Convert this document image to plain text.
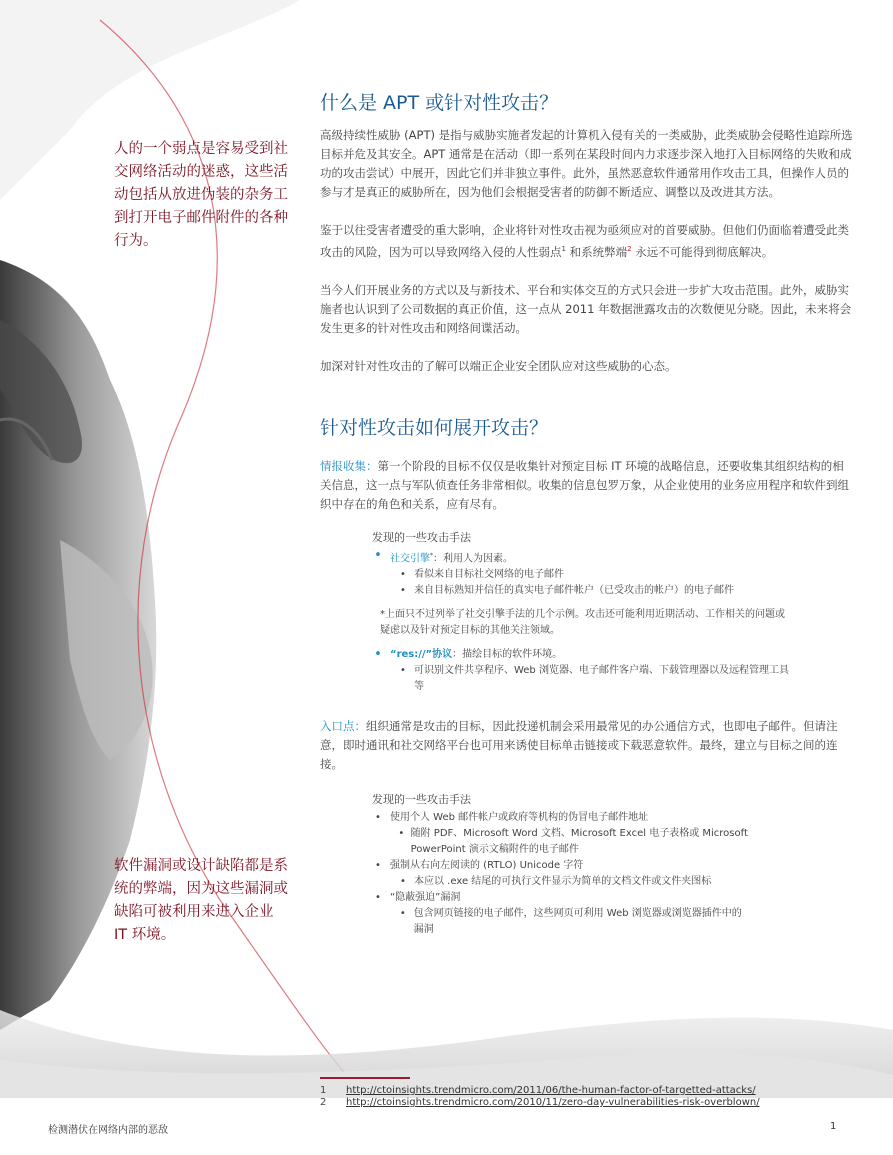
人的一个弱点是容易受到社交网络活动的迷惑，这些活动包括从放进伪装的杂务工到打开电子邮件附件的各种行为。
软件漏洞或设计缺陷都是系统的弊端，因为这些漏洞或缺陷可被利用来进入企业 IT 环境。
什么是 APT 或针对性攻击？

高级持续性威胁 (APT) 是指与威胁实施者发起的计算机入侵有关的一类威胁，此类威胁会侵略性追踪所选目标并危及其安全。APT 通常是在活动（即一系列在某段时间内力求逐步深入地打入目标网络的失败和成功的攻击尝试）中展开，因此它们并非独立事件。此外，虽然恶意软件通常用作攻击工具，但操作人员的参与才是真正的威胁所在，因为他们会根据受害者的防御不断适应、调整以及改进其方法。

鉴于以往受害者遭受的重大影响，企业将针对性攻击视为亟须应对的首要威胁。但他们仍面临着遭受此类攻击的风险，因为可以导致网络入侵的人性弱点$^1$ 和系统弊端$^2$ 永远不可能得到彻底解决。

当今人们开展业务的方式以及与新技术、平台和实体交互的方式只会进一步扩大攻击范围。此外，威胁实施者也认识到了公司数据的真正价值，这一点从 2011 年数据泄露攻击的次数便见分晓。因此，未来将会发生更多的针对性攻击和网络间谍活动。

加深对针对性攻击的了解可以端正企业安全团队应对这些威胁的心态。

针对性攻击如何展开攻击？

情报收集：第一个阶段的目标不仅仅是收集针对预定目标 IT 环境的战略信息，还要收集其组织结构的相关信息，这一点与军队侦查任务非常相似。收集的信息包罗万象，从企业使用的业务应用程序和软件到组织中存在的角色和关系，应有尽有。

发现的一些攻击手法
• 社交引擎*：利用人为因素。
• 看似来自目标社交网络的电子邮件
• 来自目标熟知并信任的真实电子邮件帐户（已受攻击的帐户）的电子邮件
*上面只不过列举了社交引擎手法的几个示例。攻击还可能利用近期活动、工作相关的问题或疑虑以及针对预定目标的其他关注领域。
• “res://”协议：描绘目标的软件环境。
• 可识别文件共享程序、Web 浏览器、电子邮件客户端、下载管理器以及远程管理工具等

入口点：组织通常是攻击的目标，因此投递机制会采用最常见的办公通信方式，也即电子邮件。但请注意，即时通讯和社交网络平台也可用来诱使目标单击链接或下载恶意软件。最终，建立与目标之间的连接。

发现的一些攻击手法
• 使用个人 Web 邮件帐户或政府等机构的伪冒电子邮件地址
• 随附 PDF、Microsoft Word 文档、Microsoft Excel 电子表格或 Microsoft PowerPoint 演示文稿附件的电子邮件
• 强制从右向左阅读的 (RTLO) Unicode 字符
• 本应以 .exe 结尾的可执行文件显示为简单的文档文件或文件夹图标
• “隐蔽强迫”漏洞
• 包含网页链接的电子邮件，这些网页可利用 Web 浏览器或浏览器插件中的漏洞
1 http://ctoinsights.trendmicro.com/2011/06/the-human-factor-of-targetted-attacks/
2 http://ctoinsights.trendmicro.com/2010/11/zero-day-vulnerabilities-risk-overblown/
检测潜伏在网络内部的恶敌	1
